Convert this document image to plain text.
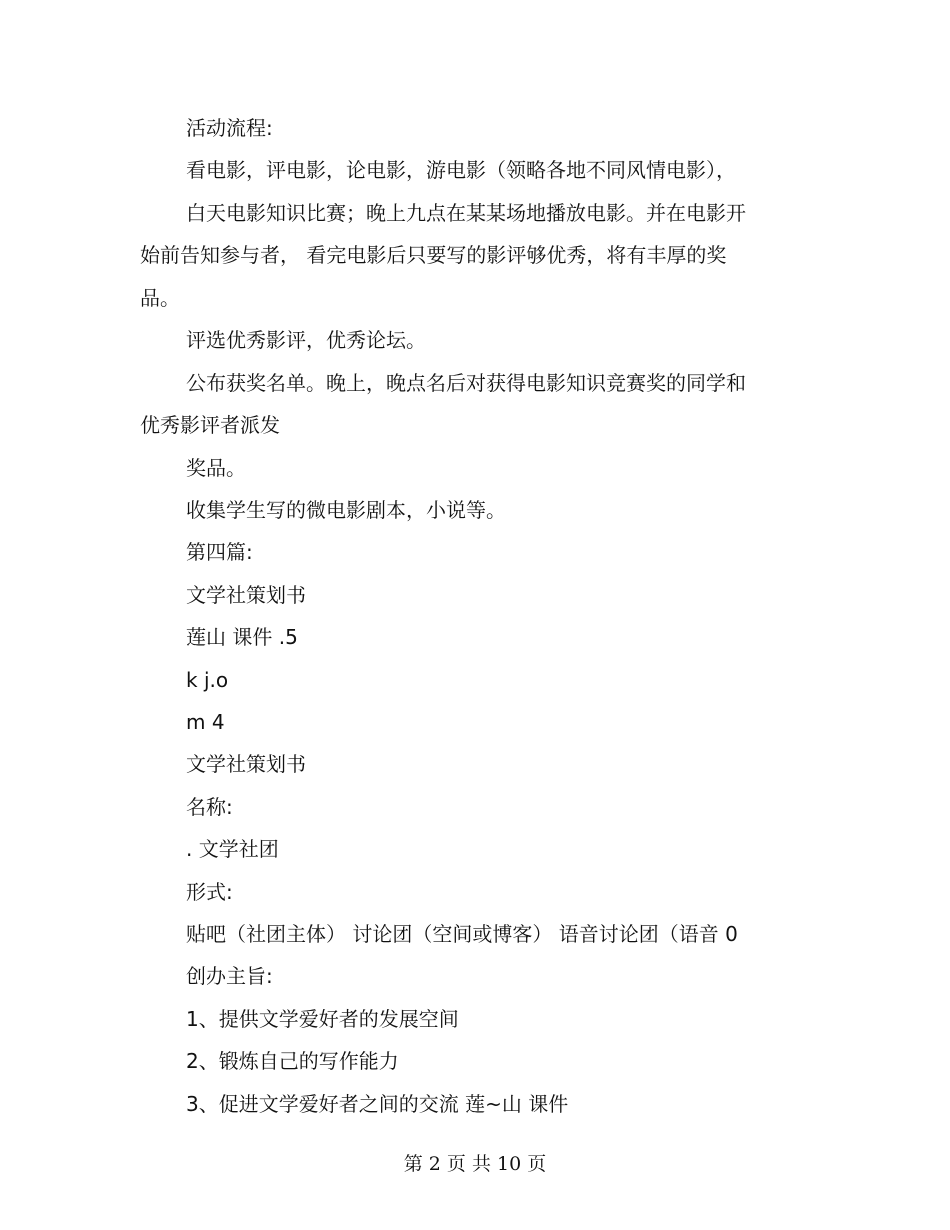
活动流程:
看电影，评电影，论电影，游电影（领略各地不同风情电影），
白天电影知识比赛；晚上九点在某某场地播放电影。并在电影开
始前告知参与者， 看完电影后只要写的影评够优秀，将有丰厚的奖
品。
评选优秀影评，优秀论坛。
公布获奖名单。晚上，晚点名后对获得电影知识竞赛奖的同学和
优秀影评者派发
奖品。
收集学生写的微电影剧本，小说等。
第四篇:
文学社策划书
莲山 课件 .5
k j.o
m 4
文学社策划书
名称:
. 文学社团
形式:
贴吧（社团主体） 讨论团（空间或博客） 语音讨论团（语音 0
创办主旨:
1、提供文学爱好者的发展空间
2、锻炼自己的写作能力
3、促进文学爱好者之间的交流 莲~山 课件
第 2 页 共 10 页
